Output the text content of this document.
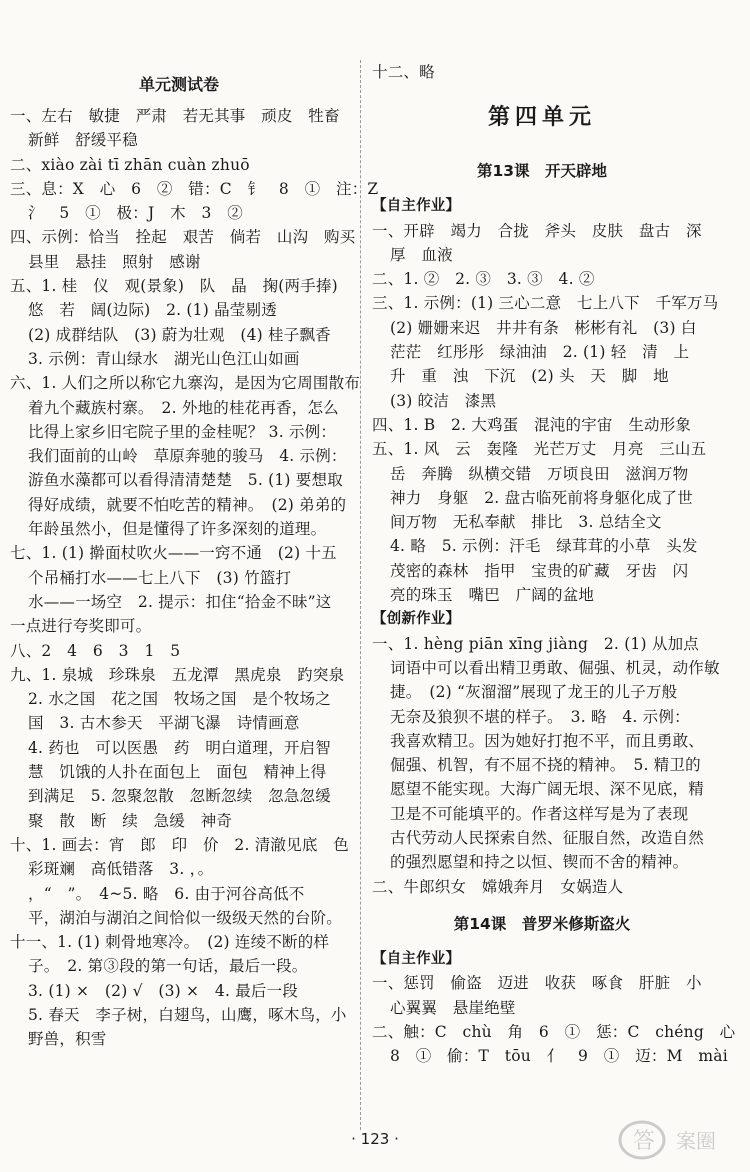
单元测试卷
一、左右　敏捷　严肃　若无其事　顽皮　牲畜
新鲜　舒缓平稳
二、xiào zài tī zhān cuàn zhuō
三、息：X　心　6　②　错：C　钅　8　①　注：Z
氵　5　①　极：J　木　3　②
四、示例：恰当　拴起　艰苦　倘若　山沟　购买
县里　悬挂　照射　感谢
五、1. 桂　仪　观(景象)　队　晶　掬(两手捧)
悠　若　阔(边际)　2. (1) 晶莹剔透
(2) 成群结队　(3) 蔚为壮观　(4) 桂子飘香
3. 示例：青山绿水　湖光山色江山如画
六、1. 人们之所以称它九寨沟，是因为它周围散布
着九个藏族村寨。　2. 外地的桂花再香，怎么
比得上家乡旧宅院子里的金桂呢？ 3. 示例：
我们面前的山岭　草原奔驰的骏马　4. 示例：
游鱼水藻都可以看得清清楚楚　5. (1) 要想取
得好成绩，就要不怕吃苦的精神。　(2) 弟弟的
年龄虽然小，但是懂得了许多深刻的道理。
七、1. (1) 擀面杖吹火——一窍不通　(2) 十五
个吊桶打水——七上八下　(3) 竹篮打
水——一场空　2. 提示：扣住“拾金不昧”这
一点进行夸奖即可。
八、2　4　6　3　1　5
九、1. 泉城　珍珠泉　五龙潭　黑虎泉　趵突泉
2. 水之国　花之国　牧场之国　是个牧场之
国　3. 古木参天　平湖飞瀑　诗情画意
4. 药也　可以医愚　药　明白道理，开启智
慧　饥饿的人扑在面包上　面包　精神上得
到满足　5. 忽聚忽散　忽断忽续　忽急忽缓
聚　散　断　续　急缓　神奇
十、1. 画去：宵　郎　印　价　2. 清澈见底　色
彩斑斓　高低错落　3. ，。
，“　”。　4~5. 略　6. 由于河谷高低不
平，湖泊与湖泊之间恰似一级级天然的台阶。
十一、1. (1) 刺骨地寒冷。　(2) 连绫不断的样
子。　2. 第③段的第一句话，最后一段。
3. (1) ×　(2) √　(3) ×　4. 最后一段
5. 春天　李子树，白翅鸟，山鹰，啄木鸟，小
野兽，积雪
十二、略
第四单元
第13课　开天辟地
【自主作业】
一、开辟　竭力　合拢　斧头　皮肤　盘古　深
厚　血液
二、1. ②　2. ③　3. ③　4. ②
三、1. 示例：(1) 三心二意　七上八下　千军万马
(2) 姗姗来迟　井井有条　彬彬有礼　(3) 白
茫茫　红彤彤　绿油油　2. (1) 轻　清　上
升　重　浊　下沉　(2) 头　天　脚　地
(3) 皎洁　漆黑
四、1. B　2. 大鸡蛋　混沌的宇宙　生动形象
五、1. 风　云　轰隆　光芒万丈　月亮　三山五
岳　奔腾　纵横交错　万顷良田　滋润万物
神力　身躯　2. 盘古临死前将身躯化成了世
间万物　无私奉献　排比　3. 总结全文
4. 略　5. 示例：汗毛　绿茸茸的小草　头发
茂密的森林　指甲　宝贵的矿藏　牙齿　闪
亮的珠玉　嘴巴　广阔的盆地
【创新作业】
一、1. hèng piān xīng jiàng　2. (1) 从加点
词语中可以看出精卫勇敢、倔强、机灵，动作敏
捷。　(2) “灰溜溜”展现了龙王的儿子万般
无奈及狼狈不堪的样子。　3. 略　4. 示例：
我喜欢精卫。因为她好打抱不平，而且勇敢、
倔强、机智，有不屈不挠的精神。　5. 精卫的
愿望不能实现。大海广阔无垠、深不见底，精
卫是不可能填平的。作者这样写是为了表现
古代劳动人民探索自然、征服自然，改造自然
的强烈愿望和持之以恒、锲而不舍的精神。
二、牛郎织女　嫦娥奔月　女娲造人
第14课　普罗米修斯盗火
【自主作业】
一、惩罚　偷盗　迈进　收获　啄食　肝脏　小
心翼翼　悬崖绝壁
二、触：C　chù　角　6　①　惩：C　chéng　心
8　①　偷：T　tōu　亻　9　①　迈：M　mài
· 123 ·	答 案圈
